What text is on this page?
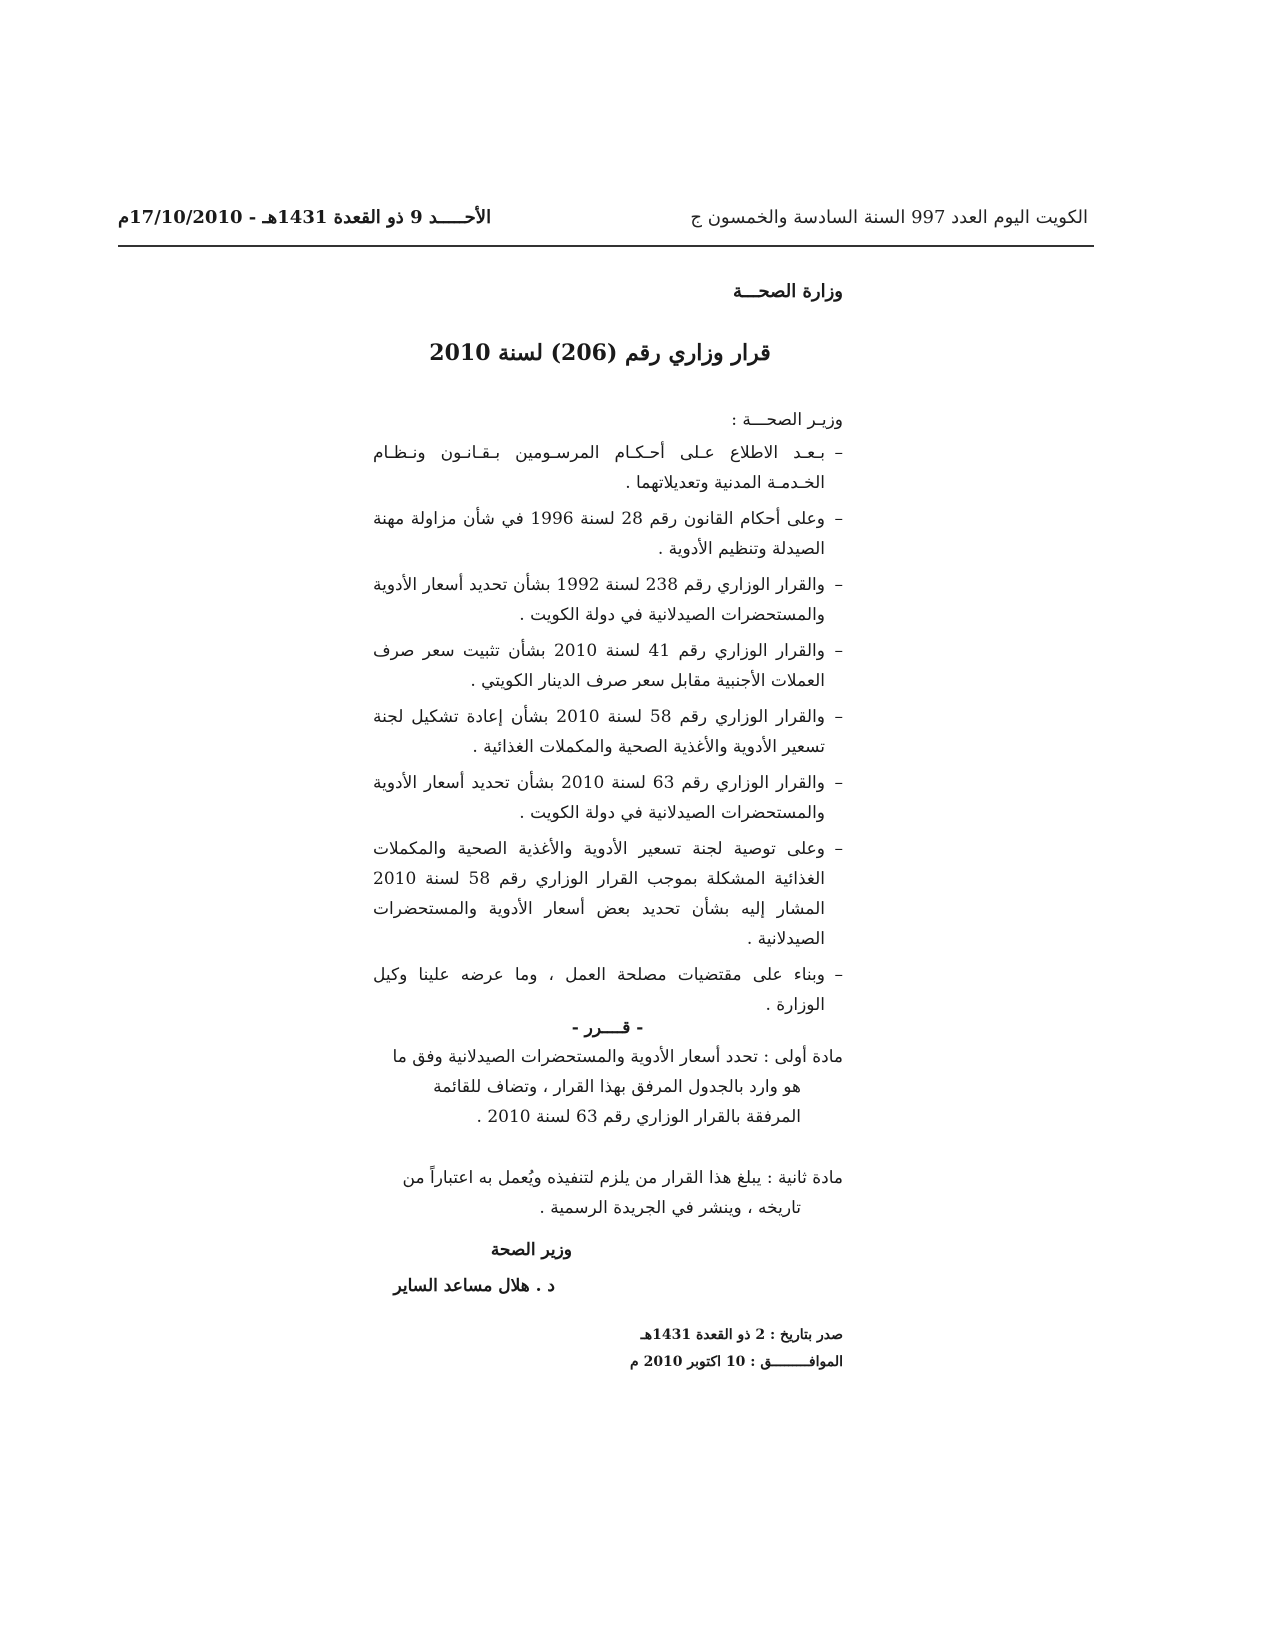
الكويت اليوم العدد 997 السنة السادسة والخمسون ج
الأحـــــد 9 ذو القعدة 1431هـ - 17/10/2010م
وزارة الصحـــة
قرار وزاري رقم (206) لسنة 2010
وزيـر الصحـــة :
–
بـعـد الاطلاع عـلى أحـكـام المرسـومين بـقـانـون ونـظـام الخـدمـة المدنية وتعديلاتهما .
–
وعلى أحكام القانون رقم 28 لسنة 1996 في شأن مزاولة مهنة الصيدلة وتنظيم الأدوية .
–
والقرار الوزاري رقم 238 لسنة 1992 بشأن تحديد أسعار الأدوية والمستحضرات الصيدلانية في دولة الكويت .
–
والقرار الوزاري رقم 41 لسنة 2010 بشأن تثبيت سعر صرف العملات الأجنبية مقابل سعر صرف الدينار الكويتي .
–
والقرار الوزاري رقم 58 لسنة 2010 بشأن إعادة تشكيل لجنة تسعير الأدوية والأغذية الصحية والمكملات الغذائية .
–
والقرار الوزاري رقم 63 لسنة 2010 بشأن تحديد أسعار الأدوية والمستحضرات الصيدلانية في دولة الكويت .
–
وعلى توصية لجنة تسعير الأدوية والأغذية الصحية والمكملات الغذائية المشكلة بموجب القرار الوزاري رقم 58 لسنة 2010 المشار إليه بشأن تحديد بعض أسعار الأدوية والمستحضرات الصيدلانية .
–
وبناء على مقتضيات مصلحة العمل ، وما عرضه علينا وكيل الوزارة .
- قــــرر -
مادة أولى : تحدد أسعار الأدوية والمستحضرات الصيدلانية وفق ما
هو وارد بالجدول المرفق بهذا القرار ، وتضاف للقائمة المرفقة بالقرار الوزاري رقم 63 لسنة 2010 .
مادة ثانية : يبلغ هذا القرار من يلزم لتنفيذه ويُعمل به اعتباراً من
تاريخه ، وينشر في الجريدة الرسمية .
وزير الصحة
د . هلال مساعد الساير
صدر بتاريخ : 2 ذو القعدة 1431هـ
الموافـــــــــق : 10 اكتوبر 2010 م
